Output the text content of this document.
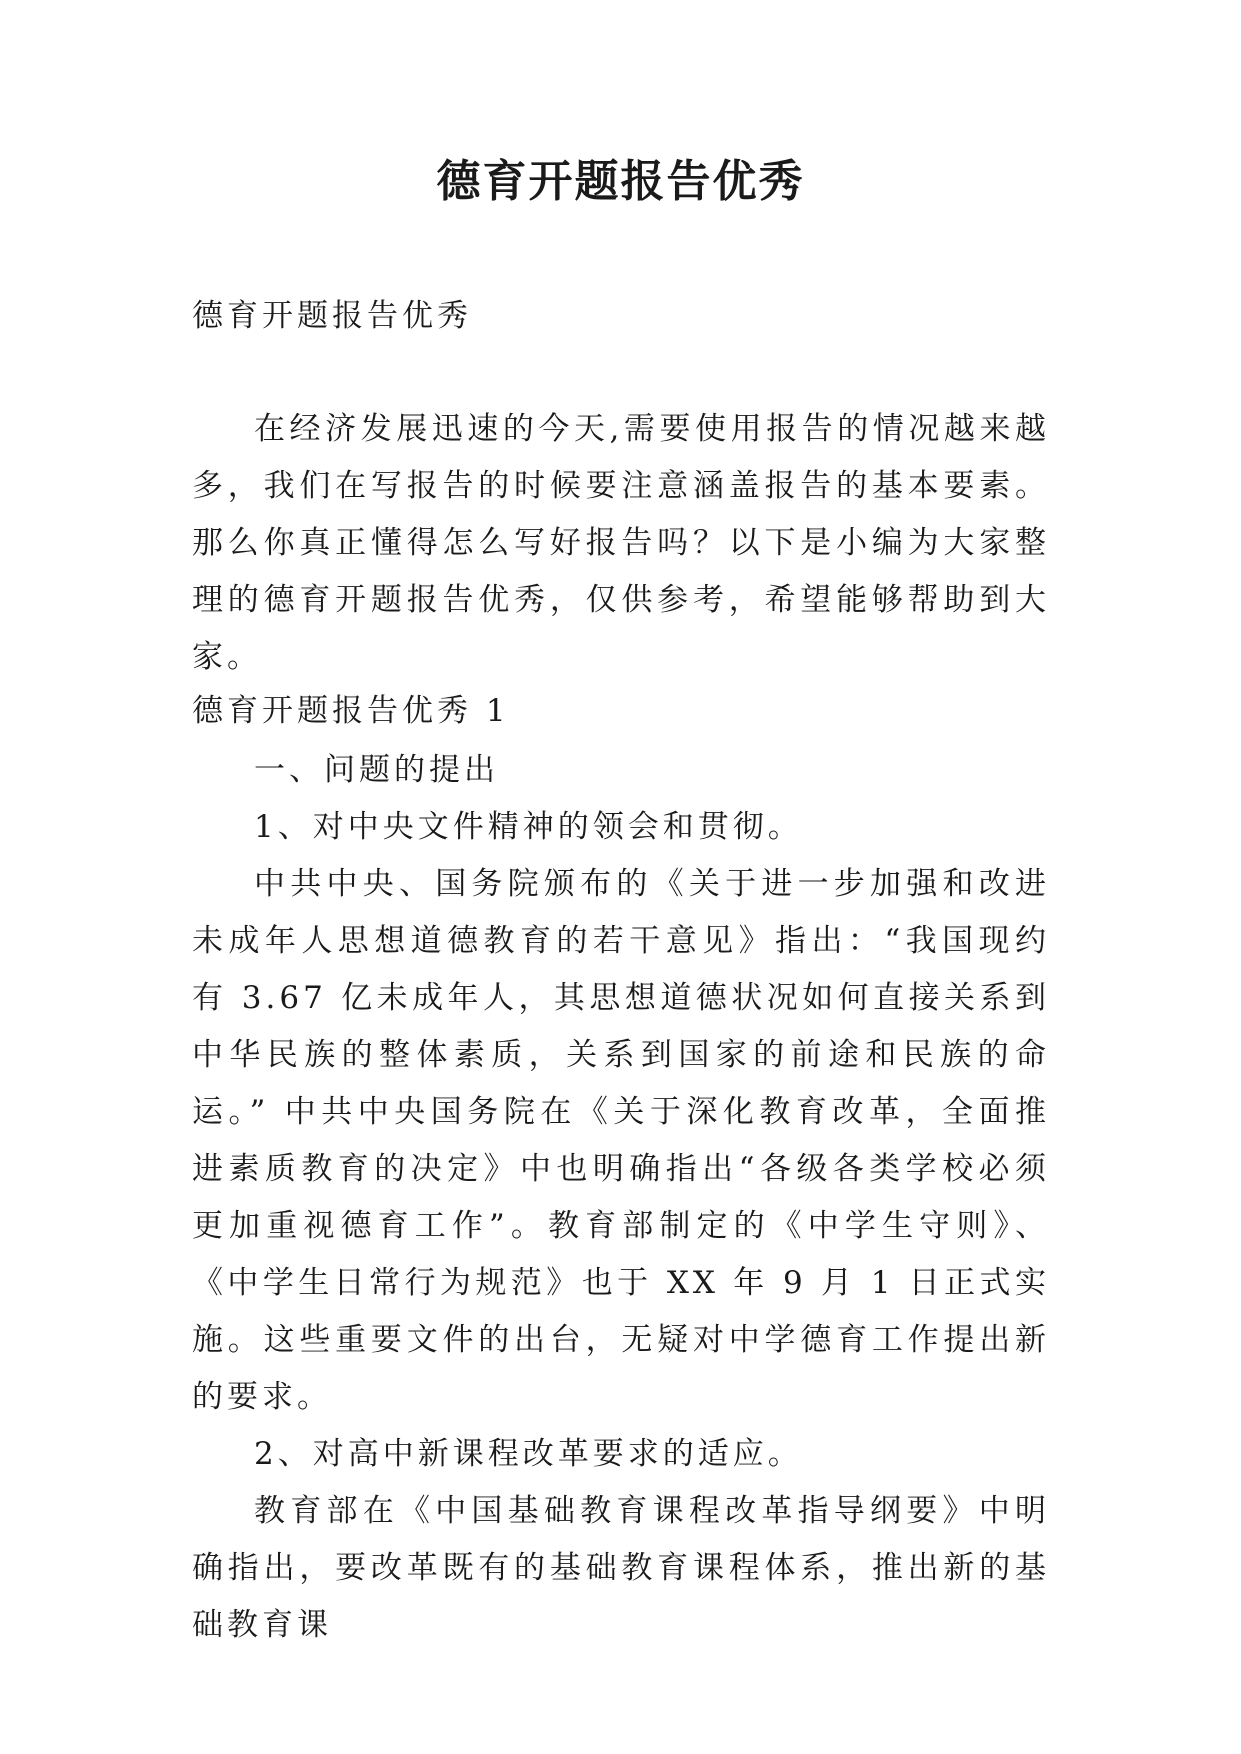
德育开题报告优秀
德育开题报告优秀
在经济发展迅速的今天,需要使用报告的情况越来越多，我们在写报告的时候要注意涵盖报告的基本要素。那么你真正懂得怎么写好报告吗？以下是小编为大家整理的德育开题报告优秀，仅供参考，希望能够帮助到大家。
德育开题报告优秀 1

一、问题的提出

1、对中央文件精神的领会和贯彻。

中共中央、国务院颁布的《关于进一步加强和改进未成年人思想道德教育的若干意见》指出：“我国现约有 3.67 亿未成年人，其思想道德状况如何直接关系到中华民族的整体素质，关系到国家的前途和民族的命运。” 中共中央国务院在《关于深化教育改革，全面推进素质教育的决定》中也明确指出“各级各类学校必须更加重视德育工作”。教育部制定的《中学生守则》、《中学生日常行为规范》也于 XX 年 9 月 1 日正式实施。这些重要文件的出台，无疑对中学德育工作提出新的要求。

2、对高中新课程改革要求的适应。

教育部在《中国基础教育课程改革指导纲要》中明确指出，要改革既有的基础教育课程体系，推出新的基础教育课
